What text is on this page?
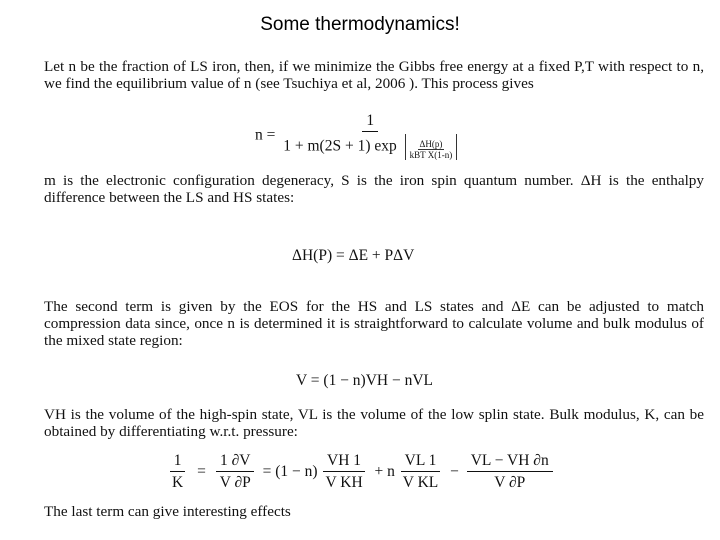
Some thermodynamics!
Let n be the fraction of LS iron, then, if we minimize the Gibbs free energy at a fixed P,T with respect to n, we find the equilibrium value of n (see Tsuchiya et al, 2006 ). This process gives
n =
1
1 + m(2S + 1) $\exp \frac{\Delta H(p)}{\text{kBT X(1-n)}}$
m is the electronic configuration degeneracy, S is the iron spin quantum number. ΔH is the enthalpy difference between the LS and HS states:
ΔH(P) = ΔE + PΔV
The second term is given by the EOS for the HS and LS states and ΔE can be adjusted to match compression data since, once n is determined it is straightforward to calculate volume and bulk modulus of the mixed state region:
V = (1 − n)VH − nVL
VH is the volume of the high-spin state, VL is the volume of the low splin state. Bulk modulus, K, can be obtained by differentiating w.r.t. pressure:
$\frac{1}{K} = \frac{1 \partial V}{V \partial P} = (1 - n) \frac{VH 1}{\text{V KH}} + n \frac{VL 1}{\text{V KL}} - \frac{VL - VH \partial n}{V \partial P}$
The last term can give interesting effects
